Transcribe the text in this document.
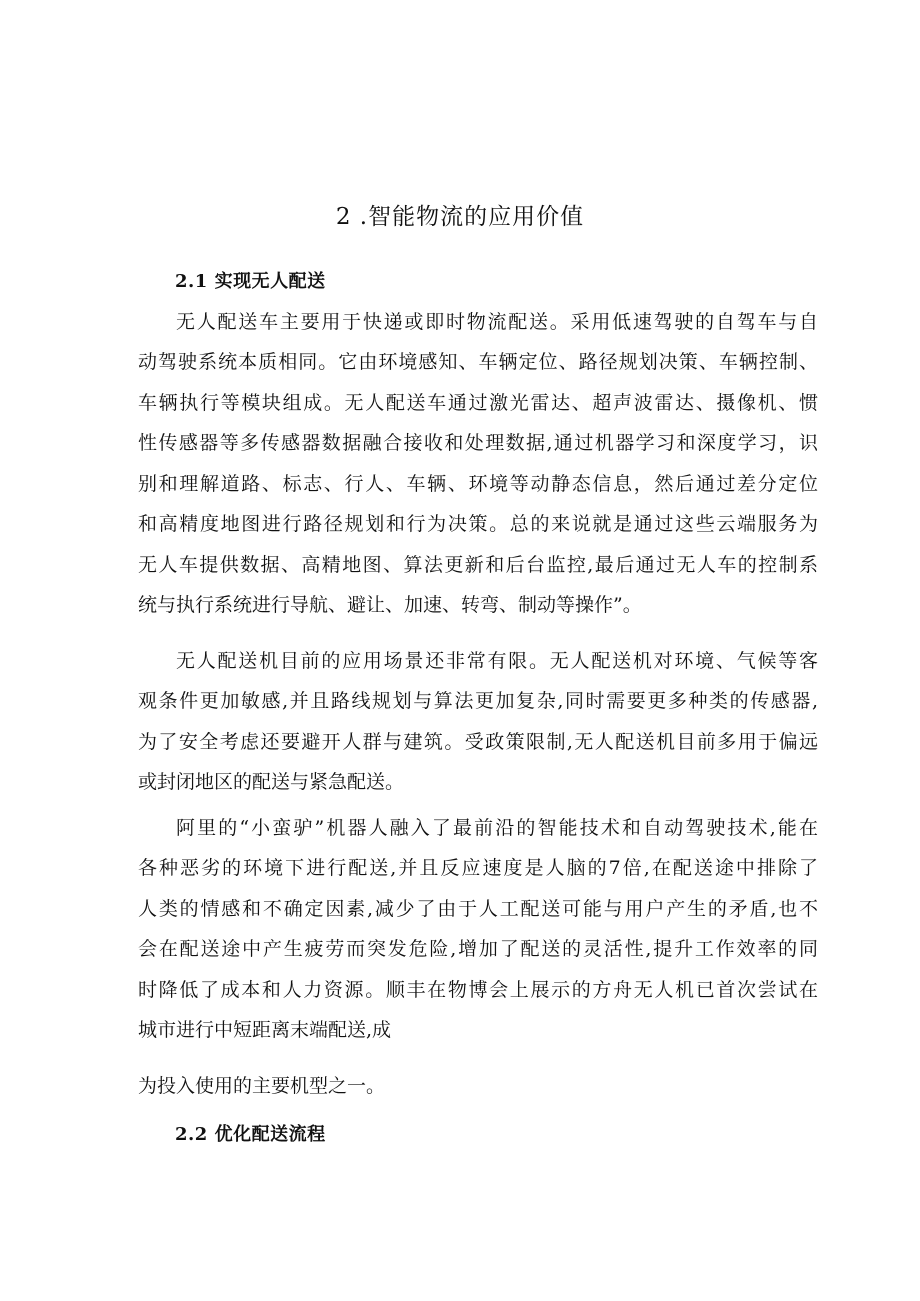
2 .智能物流的应用价值
2.1 实现无人配送
无人配送车主要用于快递或即时物流配送。采用低速驾驶的自驾车与自
动驾驶系统本质相同。它由环境感知、车辆定位、路径规划决策、车辆控制、
车辆执行等模块组成。无人配送车通过激光雷达、超声波雷达、摄像机、惯
性传感器等多传感器数据融合接收和处理数据,通过机器学习和深度学习，识
别和理解道路、标志、行人、车辆、环境等动静态信息，然后通过差分定位
和高精度地图进行路径规划和行为决策。总的来说就是通过这些云端服务为
无人车提供数据、高精地图、算法更新和后台监控,最后通过无人车的控制系
统与执行系统进行导航、避让、加速、转弯、制动等操作”。
无人配送机目前的应用场景还非常有限。无人配送机对环境、气候等客
观条件更加敏感,并且路线规划与算法更加复杂,同时需要更多种类的传感器,
为了安全考虑还要避开人群与建筑。受政策限制,无人配送机目前多用于偏远
或封闭地区的配送与紧急配送。
阿里的“小蛮驴”机器人融入了最前沿的智能技术和自动驾驶技术,能在
各种恶劣的环境下进行配送,并且反应速度是人脑的7倍,在配送途中排除了
人类的情感和不确定因素,减少了由于人工配送可能与用户产生的矛盾,也不
会在配送途中产生疲劳而突发危险,增加了配送的灵活性,提升工作效率的同
时降低了成本和人力资源。顺丰在物博会上展示的方舟无人机已首次尝试在
城市进行中短距离末端配送,成
为投入使用的主要机型之一。
2.2 优化配送流程
